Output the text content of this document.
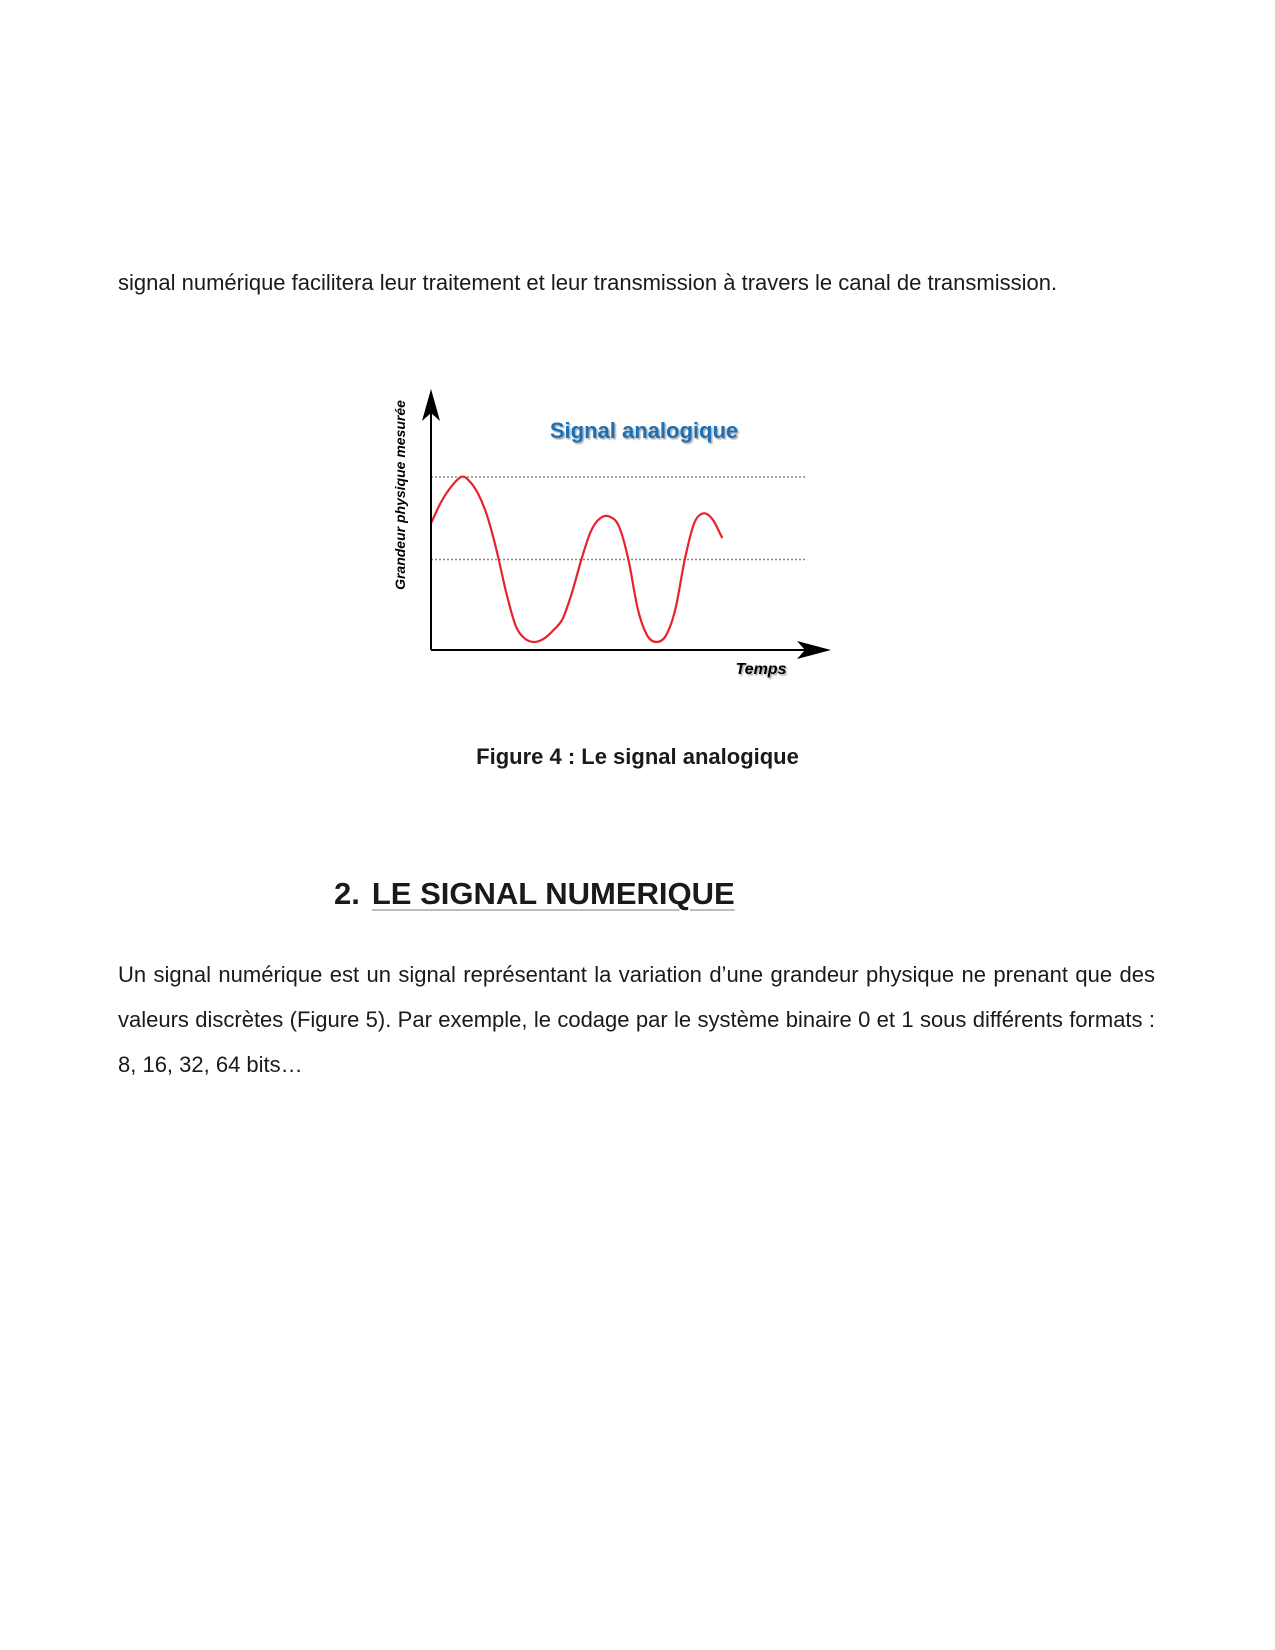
signal numérique facilitera leur traitement et leur transmission à travers le canal de transmission.

Signal analogique
Grandeur physique mesurée
Temps

Figure 4 : Le signal analogique

2. LE SIGNAL NUMERIQUE

Un signal numérique est un signal représentant la variation d’une grandeur physique ne prenant que des valeurs discrètes (Figure 5). Par exemple, le codage par le système binaire 0 et 1 sous différents formats : 8, 16, 32, 64 bits…
